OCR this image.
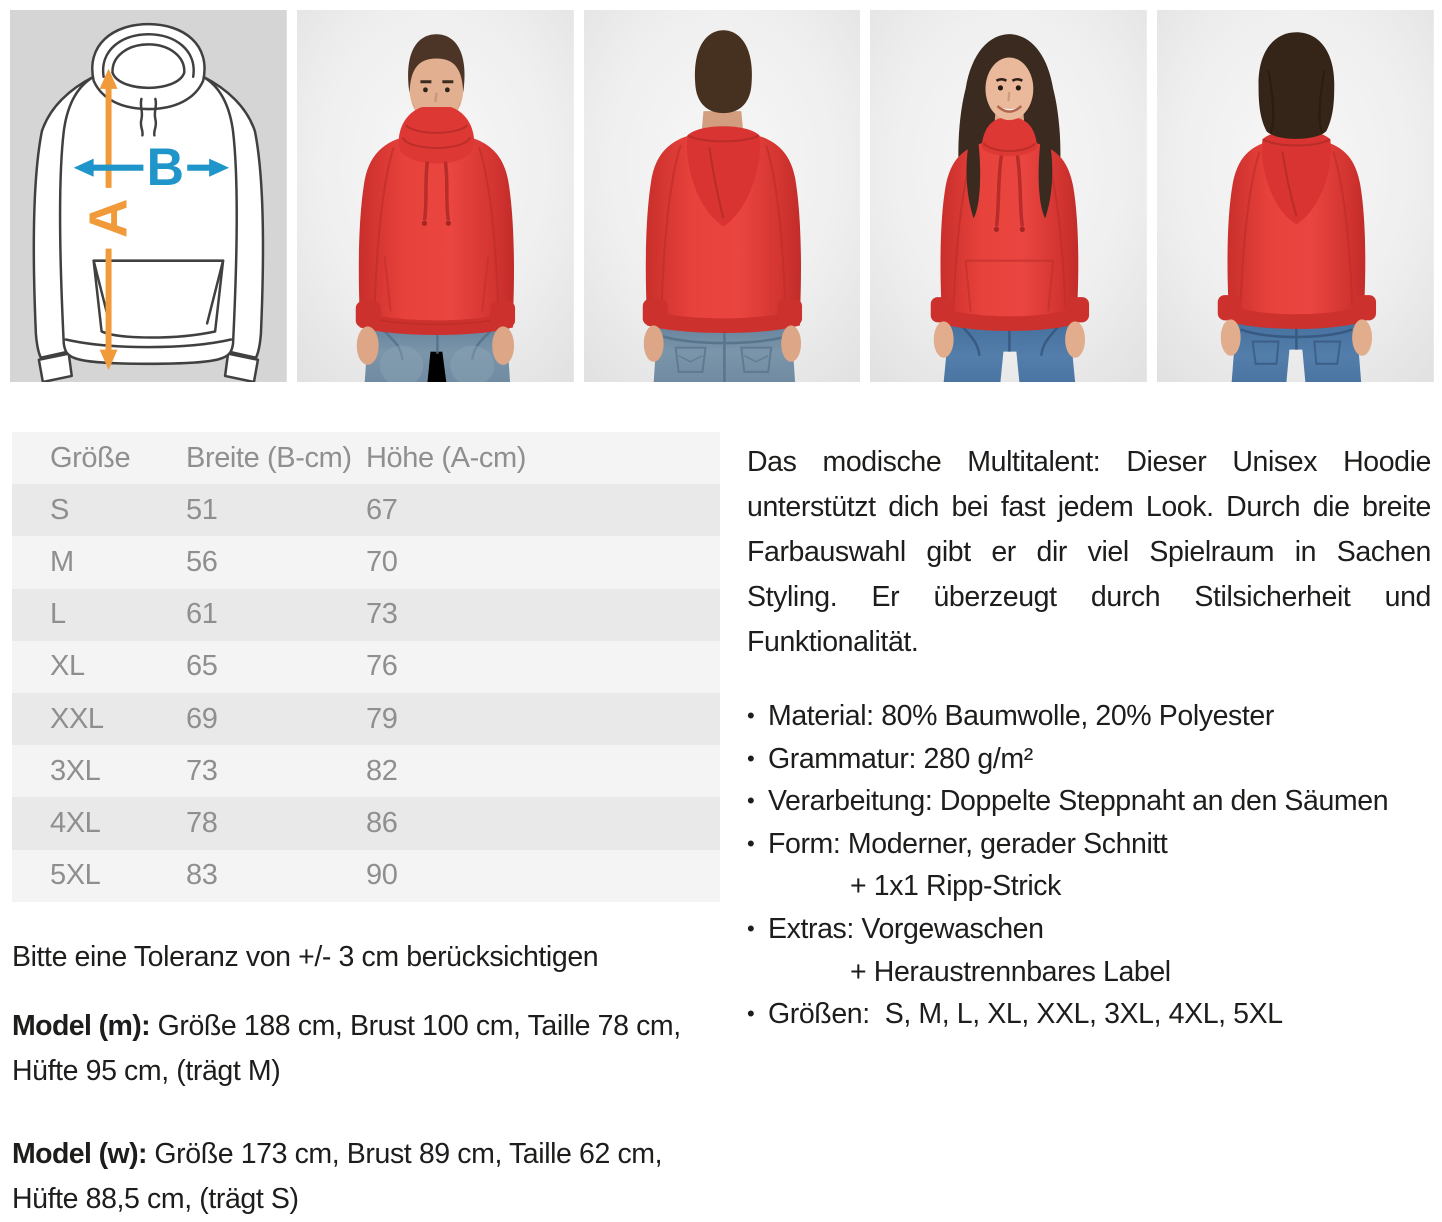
A
B
Größe	Breite (B-cm) Höhe (A-cm)
S	51	67
M	56	70
L	61	73
XL	65	76
XXL	69	79
3XL	73	82
4XL	78	86
5XL	83	90
Bitte eine Toleranz von +/- 3 cm berücksichtigen
Model (m): Größe 188 cm, Brust 100 cm, Taille 78 cm, Hüfte 95 cm, (trägt M)
Model (w): Größe 173 cm, Brust 89 cm, Taille 62 cm, Hüfte 88,5 cm, (trägt S)

Das modische Multitalent: Dieser Unisex Hoodie unterstützt dich bei fast jedem Look. Durch die breite Farbauswahl gibt er dir viel Spielraum in Sachen Styling. Er überzeugt durch Stilsicherheit und Funktionalität.

• Material: 80% Baumwolle, 20% Polyester
• Grammatur: 280 g/m²
• Verarbeitung: Doppelte Steppnaht an den Säumen
• Form: Moderner, gerader Schnitt
+ 1x1 Ripp-Strick
• Extras: Vorgewaschen
+ Heraustrennbares Label
• Größen:  S, M, L, XL, XXL, 3XL, 4XL, 5XL
